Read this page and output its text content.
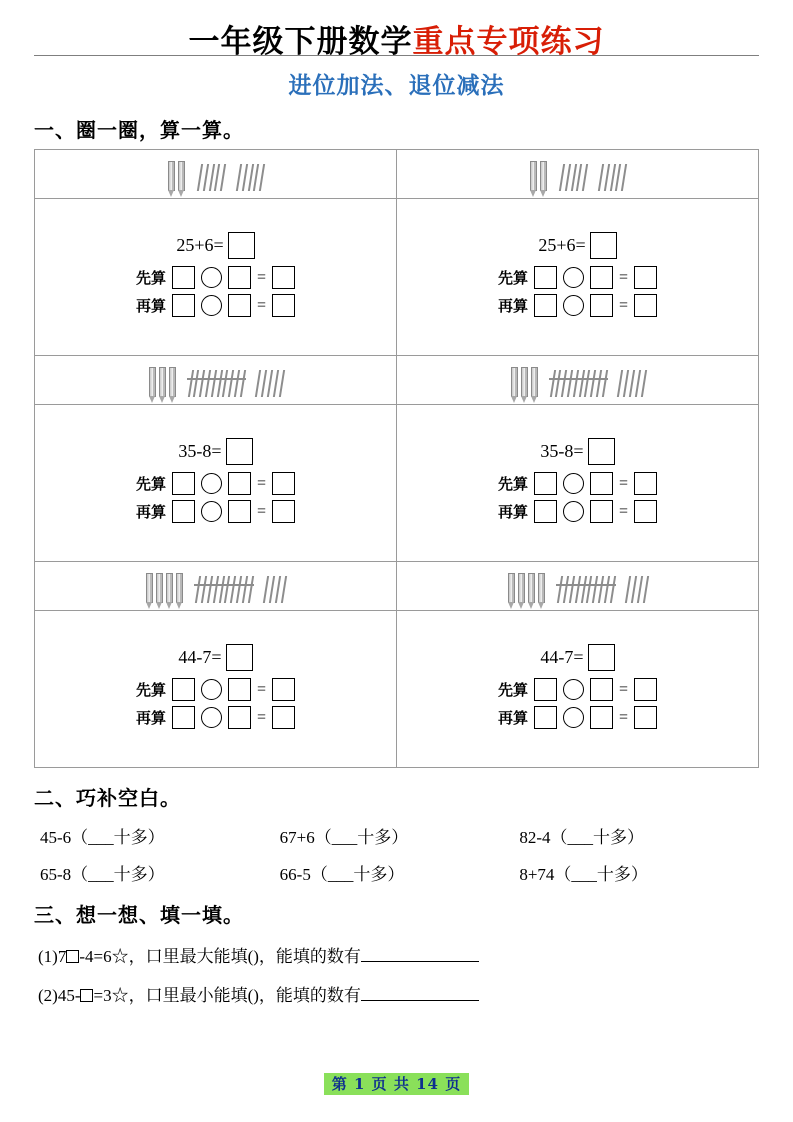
一年级下册数学重点专项练习
进位加法、退位减法
一、圈一圈，算一算。

25+6=
先算	=
再算	=

25+6=
先算	=
再算	=

35-8=
先算	=
再算	=

35-8=
先算	=
再算	=

44-7=
先算	=
再算	=

44-7=
先算	=
再算	=
二、巧补空白。
45-6（___十多）	67+6（___十多）	82-4（___十多）
65-8（___十多）	66-5（___十多）	8+74（___十多）
三、想一想、填一填。
(1)7 -4=6☆，口里最大能填()，能填的数有
(2)45- =3☆，口里最小能填()，能填的数有
第 1 页 共 14 页
